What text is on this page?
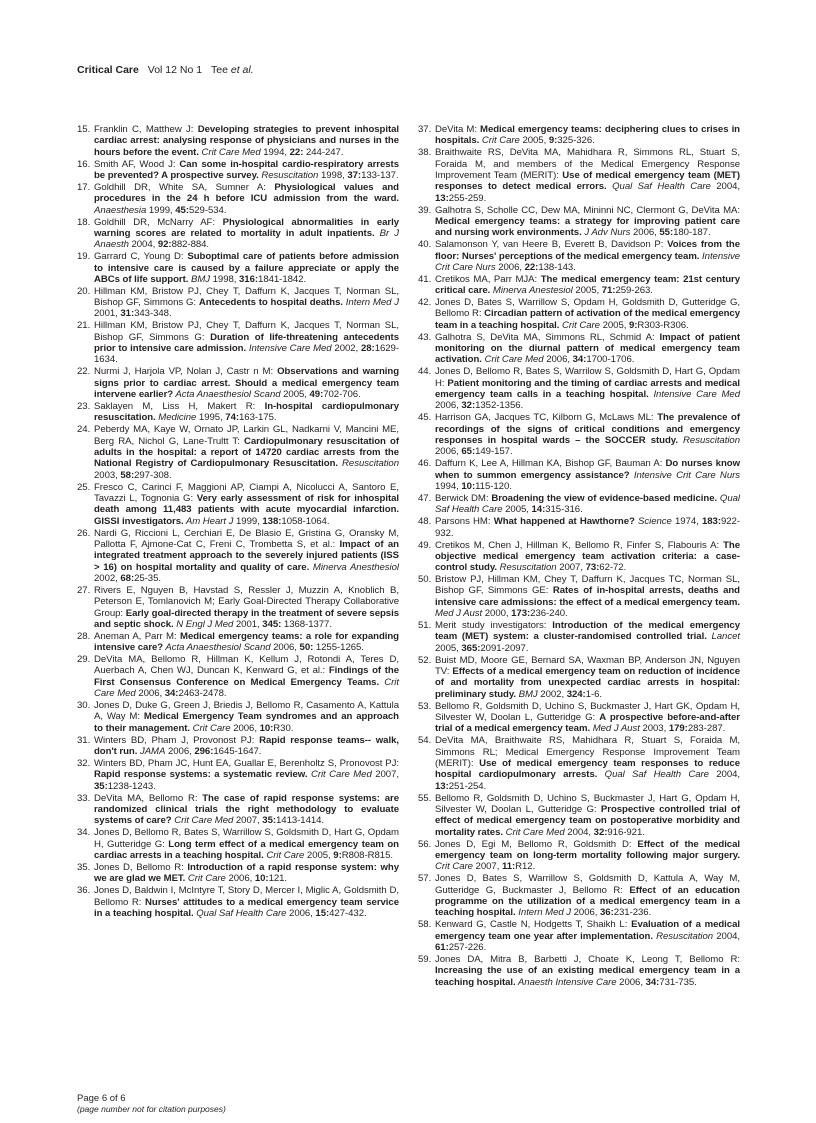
Critical Care Vol 12 No 1 Tee et al.
15. Franklin C, Matthew J: Developing strategies to prevent inhospital cardiac arrest: analysing response of physicians and nurses in the hours before the event. Crit Care Med 1994, 22: 244-247.
16. Smith AF, Wood J: Can some in-hospital cardio-respiratory arrests be prevented? A prospective survey. Resuscitation 1998, 37:133-137.
17. Goldhill DR, White SA, Sumner A: Physiological values and procedures in the 24 h before ICU admission from the ward. Anaesthesia 1999, 45:529-534.
18. Goldhill DR, McNarry AF: Physiological abnormalities in early warning scores are related to mortality in adult inpatients. Br J Anaesth 2004, 92:882-884.
19. Garrard C, Young D: Suboptimal care of patients before admission to intensive care is caused by a failure appreciate or apply the ABCs of life support. BMJ 1998, 316:1841-1842.
20. Hillman KM, Bristow PJ, Chey T, Daffurn K, Jacques T, Norman SL, Bishop GF, Simmons G: Antecedents to hospital deaths. Intern Med J 2001, 31:343-348.
21. Hillman KM, Bristow PJ, Chey T, Daffurn K, Jacques T, Norman SL, Bishop GF, Simmons G: Duration of life-threatening antecedents prior to intensive care admission. Intensive Care Med 2002, 28:1629-1634.
22. Nurmi J, Harjola VP, Nolan J, Castr n M: Observations and warning signs prior to cardiac arrest. Should a medical emergency team intervene earlier? Acta Anaesthesiol Scand 2005, 49:702-706.
23. Saklayen M, Liss H, Makert R: In-hospital cardiopulmonary resuscitation. Medicine 1995, 74:163-175.
24. Peberdy MA, Kaye W, Ornato JP, Larkin GL, Nadkarni V, Mancini ME, Berg RA, Nichol G, Lane-Trultt T: Cardiopulmonary resuscitation of adults in the hospital: a report of 14720 cardiac arrests from the National Registry of Cardiopulmonary Resuscitation. Resuscitation 2003, 58:297-308.
25. Fresco C, Carinci F, Maggioni AP, Ciampi A, Nicolucci A, Santoro E, Tavazzi L, Tognonia G: Very early assessment of risk for inhospital death among 11,483 patients with acute myocardial infarction. GISSI investigators. Am Heart J 1999, 138:1058-1064.
26. Nardi G, Riccioni L, Cerchiari E, De Blasio E, Gristina G, Oransky M, Pallotta F, Ajmone-Cat C, Freni C, Trombetta S, et al.: Impact of an integrated treatment approach to the severely injured patients (ISS > 16) on hospital mortality and quality of care. Minerva Anesthesiol 2002, 68:25-35.
27. Rivers E, Nguyen B, Havstad S, Ressler J, Muzzin A, Knoblich B, Peterson E, Tomlanovich M; Early Goal-Directed Therapy Collaborative Group: Early goal-directed therapy in the treatment of severe sepsis and septic shock. N Engl J Med 2001, 345: 1368-1377.
28. Aneman A, Parr M: Medical emergency teams: a role for expanding intensive care? Acta Anaesthesiol Scand 2006, 50: 1255-1265.
29. DeVita MA, Bellomo R, Hillman K, Kellum J, Rotondi A, Teres D, Auerbach A, Chen WJ, Duncan K, Kenward G, et al.: Findings of the First Consensus Conference on Medical Emergency Teams. Crit Care Med 2006, 34:2463-2478.
30. Jones D, Duke G, Green J, Briedis J, Bellomo R, Casamento A, Kattula A, Way M: Medical Emergency Team syndromes and an approach to their management. Crit Care 2006, 10:R30.
31. Winters BD, Pham J, Provonost PJ: Rapid response teams-- walk, don't run. JAMA 2006, 296:1645-1647.
32. Winters BD, Pham JC, Hunt EA, Guallar E, Berenholtz S, Pronovost PJ: Rapid response systems: a systematic review. Crit Care Med 2007, 35:1238-1243.
33. DeVita MA, Bellomo R: The case of rapid response systems: are randomized clinical trials the right methodology to evaluate systems of care? Crit Care Med 2007, 35:1413-1414.
34. Jones D, Bellomo R, Bates S, Warrillow S, Goldsmith D, Hart G, Opdam H, Gutteridge G: Long term effect of a medical emergency team on cardiac arrests in a teaching hospital. Crit Care 2005, 9:R808-R815.
35. Jones D, Bellomo R: Introduction of a rapid response system: why we are glad we MET. Crit Care 2006, 10:121.
36. Jones D, Baldwin I, McIntyre T, Story D, Mercer I, Miglic A, Goldsmith D, Bellomo R: Nurses' attitudes to a medical emergency team service in a teaching hospital. Qual Saf Health Care 2006, 15:427-432.
37. DeVita M: Medical emergency teams: deciphering clues to crises in hospitals. Crit Care 2005, 9:325-326.
38. Braithwaite RS, DeVita MA, Mahidhara R, Simmons RL, Stuart S, Foraida M, and members of the Medical Emergency Response Improvement Team (MERIT): Use of medical emergency team (MET) responses to detect medical errors. Qual Saf Health Care 2004, 13:255-259.
39. Galhotra S, Scholle CC, Dew MA, Mininni NC, Clermont G, DeVita MA: Medical emergency teams: a strategy for improving patient care and nursing work environments. J Adv Nurs 2006, 55:180-187.
40. Salamonson Y, van Heere B, Everett B, Davidson P: Voices from the floor: Nurses' perceptions of the medical emergency team. Intensive Crit Care Nurs 2006, 22:138-143.
41. Cretikos MA, Parr MJA: The medical emergency team: 21st century critical care. Minerva Anestesiol 2005, 71:259-263.
42. Jones D, Bates S, Warrillow S, Opdam H, Goldsmith D, Gutteridge G, Bellomo R: Circadian pattern of activation of the medical emergency team in a teaching hospital. Crit Care 2005, 9:R303-R306.
43. Galhotra S, DeVita MA, Simmons RL, Schmid A: Impact of patient monitoring on the diurnal pattern of medical emergency team activation. Crit Care Med 2006, 34:1700-1706.
44. Jones D, Bellomo R, Bates S, Warrilow S, Goldsmith D, Hart G, Opdam H: Patient monitoring and the timing of cardiac arrests and medical emergency team calls in a teaching hospital. Intensive Care Med 2006, 32:1352-1356.
45. Harrison GA, Jacques TC, Kilborn G, McLaws ML: The prevalence of recordings of the signs of critical conditions and emergency responses in hospital wards – the SOCCER study. Resuscitation 2006, 65:149-157.
46. Daffurn K, Lee A, Hillman KA, Bishop GF, Bauman A: Do nurses know when to summon emergency assistance? Intensive Crit Care Nurs 1994, 10:115-120.
47. Berwick DM: Broadening the view of evidence-based medicine. Qual Saf Health Care 2005, 14:315-316.
48. Parsons HM: What happened at Hawthorne? Science 1974, 183:922-932.
49. Cretikos M, Chen J, Hillman K, Bellomo R, Finfer S, Flabouris A: The objective medical emergency team activation criteria: a case-control study. Resuscitation 2007, 73:62-72.
50. Bristow PJ, Hillman KM, Chey T, Daffurn K, Jacques TC, Norman SL, Bishop GF, Simmons GE: Rates of in-hospital arrests, deaths and intensive care admissions: the effect of a medical emergency team. Med J Aust 2000, 173:236-240.
51. Merit study investigators: Introduction of the medical emergency team (MET) system: a cluster-randomised controlled trial. Lancet 2005, 365:2091-2097.
52. Buist MD, Moore GE, Bernard SA, Waxman BP, Anderson JN, Nguyen TV: Effects of a medical emergency team on reduction of incidence of and mortality from unexpected cardiac arrests in hospital: preliminary study. BMJ 2002, 324:1-6.
53. Bellomo R, Goldsmith D, Uchino S, Buckmaster J, Hart GK, Opdam H, Silvester W, Doolan L, Gutteridge G: A prospective before-and-after trial of a medical emergency team. Med J Aust 2003, 179:283-287.
54. DeVita MA, Braithwaite RS, Mahidhara R, Stuart S, Foraida M, Simmons RL; Medical Emergency Response Improvement Team (MERIT): Use of medical emergency team responses to reduce hospital cardiopulmonary arrests. Qual Saf Health Care 2004, 13:251-254.
55. Bellomo R, Goldsmith D, Uchino S, Buckmaster J, Hart G, Opdam H, Silvester W, Doolan L, Gutteridge G: Prospective controlled trial of effect of medical emergency team on postoperative morbidity and mortality rates. Crit Care Med 2004, 32:916-921.
56. Jones D, Egi M, Bellomo R, Goldsmith D: Effect of the medical emergency team on long-term mortality following major surgery. Crit Care 2007, 11:R12.
57. Jones D, Bates S, Warrillow S, Goldsmith D, Kattula A, Way M, Gutteridge G, Buckmaster J, Bellomo R: Effect of an education programme on the utilization of a medical emergency team in a teaching hospital. Intern Med J 2006, 36:231-236.
58. Kenward G, Castle N, Hodgetts T, Shaikh L: Evaluation of a medical emergency team one year after implementation. Resuscitation 2004, 61:257-226.
59. Jones DA, Mitra B, Barbetti J, Choate K, Leong T, Bellomo R: Increasing the use of an existing medical emergency team in a teaching hospital. Anaesth Intensive Care 2006, 34:731-735.
Page 6 of 6
(page number not for citation purposes)
